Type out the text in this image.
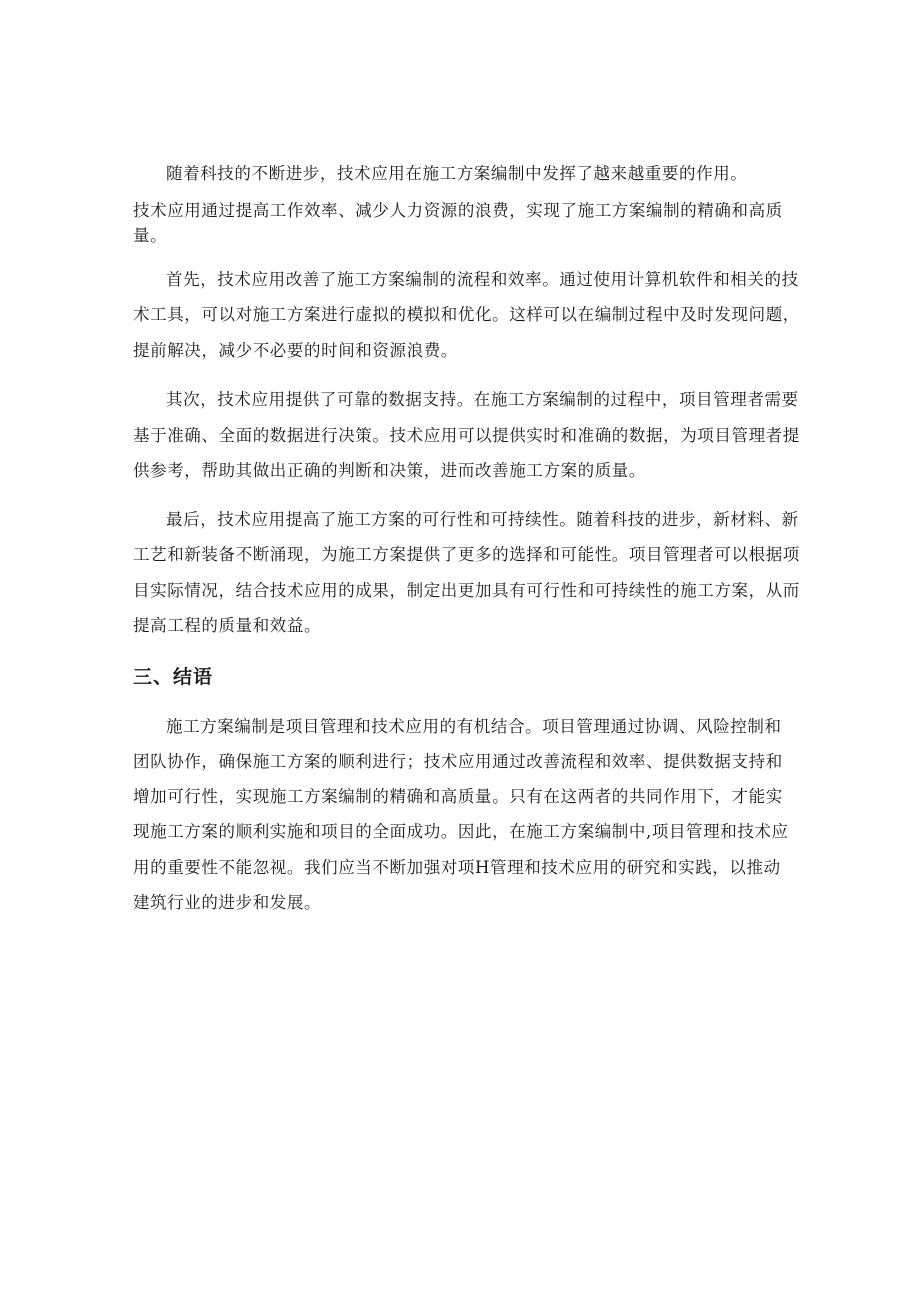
随着科技的不断进步，技术应用在施工方案编制中发挥了越来越重要的作用。
技术应用通过提高工作效率、减少人力资源的浪费，实现了施工方案编制的精确和高质
量。
首先，技术应用改善了施工方案编制的流程和效率。通过使用计算机软件和相关的技
术工具，可以对施工方案进行虚拟的模拟和优化。这样可以在编制过程中及时发现问题，
提前解决，减少不必要的时间和资源浪费。
其次，技术应用提供了可靠的数据支持。在施工方案编制的过程中，项目管理者需要
基于准确、全面的数据进行决策。技术应用可以提供实时和准确的数据，为项目管理者提
供参考，帮助其做出正确的判断和决策，进而改善施工方案的质量。
最后，技术应用提高了施工方案的可行性和可持续性。随着科技的进步，新材料、新
工艺和新装备不断涌现，为施工方案提供了更多的选择和可能性。项目管理者可以根据项
目实际情况，结合技术应用的成果，制定出更加具有可行性和可持续性的施工方案，从而
提高工程的质量和效益。
三、结语
施工方案编制是项目管理和技术应用的有机结合。项目管理通过协调、风险控制和
团队协作，确保施工方案的顺利进行；技术应用通过改善流程和效率、提供数据支持和
增加可行性，实现施工方案编制的精确和高质量。只有在这两者的共同作用下，才能实
现施工方案的顺利实施和项目的全面成功。因此，在施工方案编制中,项目管理和技术应
用的重要性不能忽视。我们应当不断加强对项H管理和技术应用的研究和实践，以推动
建筑行业的进步和发展。
